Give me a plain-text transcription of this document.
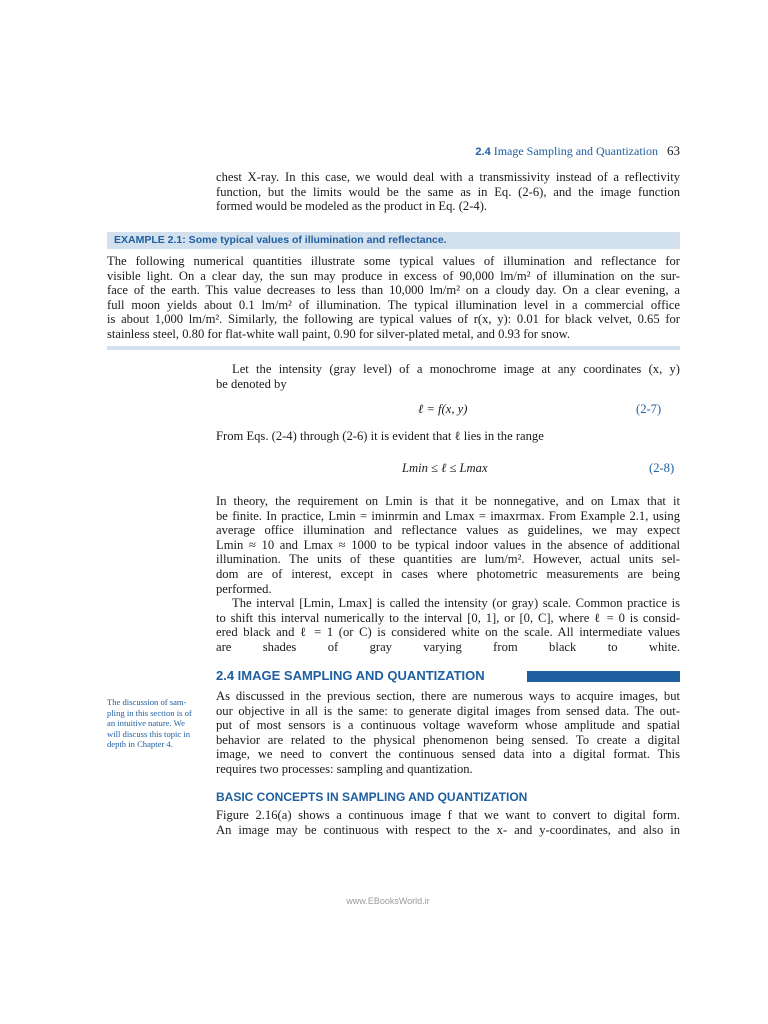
2.4 Image Sampling and Quantization 63
chest X-ray. In this case, we would deal with a transmissivity instead of a reflectivity
function, but the limits would be the same as in Eq. (2-6), and the image function
formed would be modeled as the product in Eq. (2-4).
EXAMPLE 2.1: Some typical values of illumination and reflectance.
The following numerical quantities illustrate some typical values of illumination and reflectance for
visible light. On a clear day, the sun may produce in excess of 90,000 lm/m² of illumination on the sur-
face of the earth. This value decreases to less than 10,000 lm/m² on a cloudy day. On a clear evening, a
full moon yields about 0.1 lm/m² of illumination. The typical illumination level in a commercial office
is about 1,000 lm/m². Similarly, the following are typical values of r(x, y): 0.01 for black velvet, 0.65 for
stainless steel, 0.80 for flat-white wall paint, 0.90 for silver-plated metal, and 0.93 for snow.
Let the intensity (gray level) of a monochrome image at any coordinates (x, y)
be denoted by
ℓ = f(x, y)	(2-7)
From Eqs. (2-4) through (2-6) it is evident that ℓ lies in the range
Lmin ≤ ℓ ≤ Lmax	(2-8)
In theory, the requirement on Lmin is that it be nonnegative, and on Lmax that it
be finite. In practice, Lmin = iminrmin and Lmax = imaxrmax. From Example 2.1, using
average office illumination and reflectance values as guidelines, we may expect
Lmin ≈ 10 and Lmax ≈ 1000 to be typical indoor values in the absence of additional
illumination. The units of these quantities are lum/m². However, actual units sel-
dom are of interest, except in cases where photometric measurements are being
performed.
The interval [Lmin, Lmax] is called the intensity (or gray) scale. Common practice is
to shift this interval numerically to the interval [0, 1], or [0, C], where ℓ = 0 is consid-
ered black and ℓ = 1 (or C) is considered white on the scale. All intermediate values
are shades of gray varying from black to white.
2.4 IMAGE SAMPLING AND QUANTIZATION
The discussion of sam-
pling in this section is of
an intuitive nature. We
will discuss this topic in
depth in Chapter 4.
As discussed in the previous section, there are numerous ways to acquire images, but
our objective in all is the same: to generate digital images from sensed data. The out-
put of most sensors is a continuous voltage waveform whose amplitude and spatial
behavior are related to the physical phenomenon being sensed. To create a digital
image, we need to convert the continuous sensed data into a digital format. This
requires two processes: sampling and quantization.
BASIC CONCEPTS IN SAMPLING AND QUANTIZATION
Figure 2.16(a) shows a continuous image f that we want to convert to digital form.
An image may be continuous with respect to the x- and y-coordinates, and also in
www.EBooksWorld.ir
